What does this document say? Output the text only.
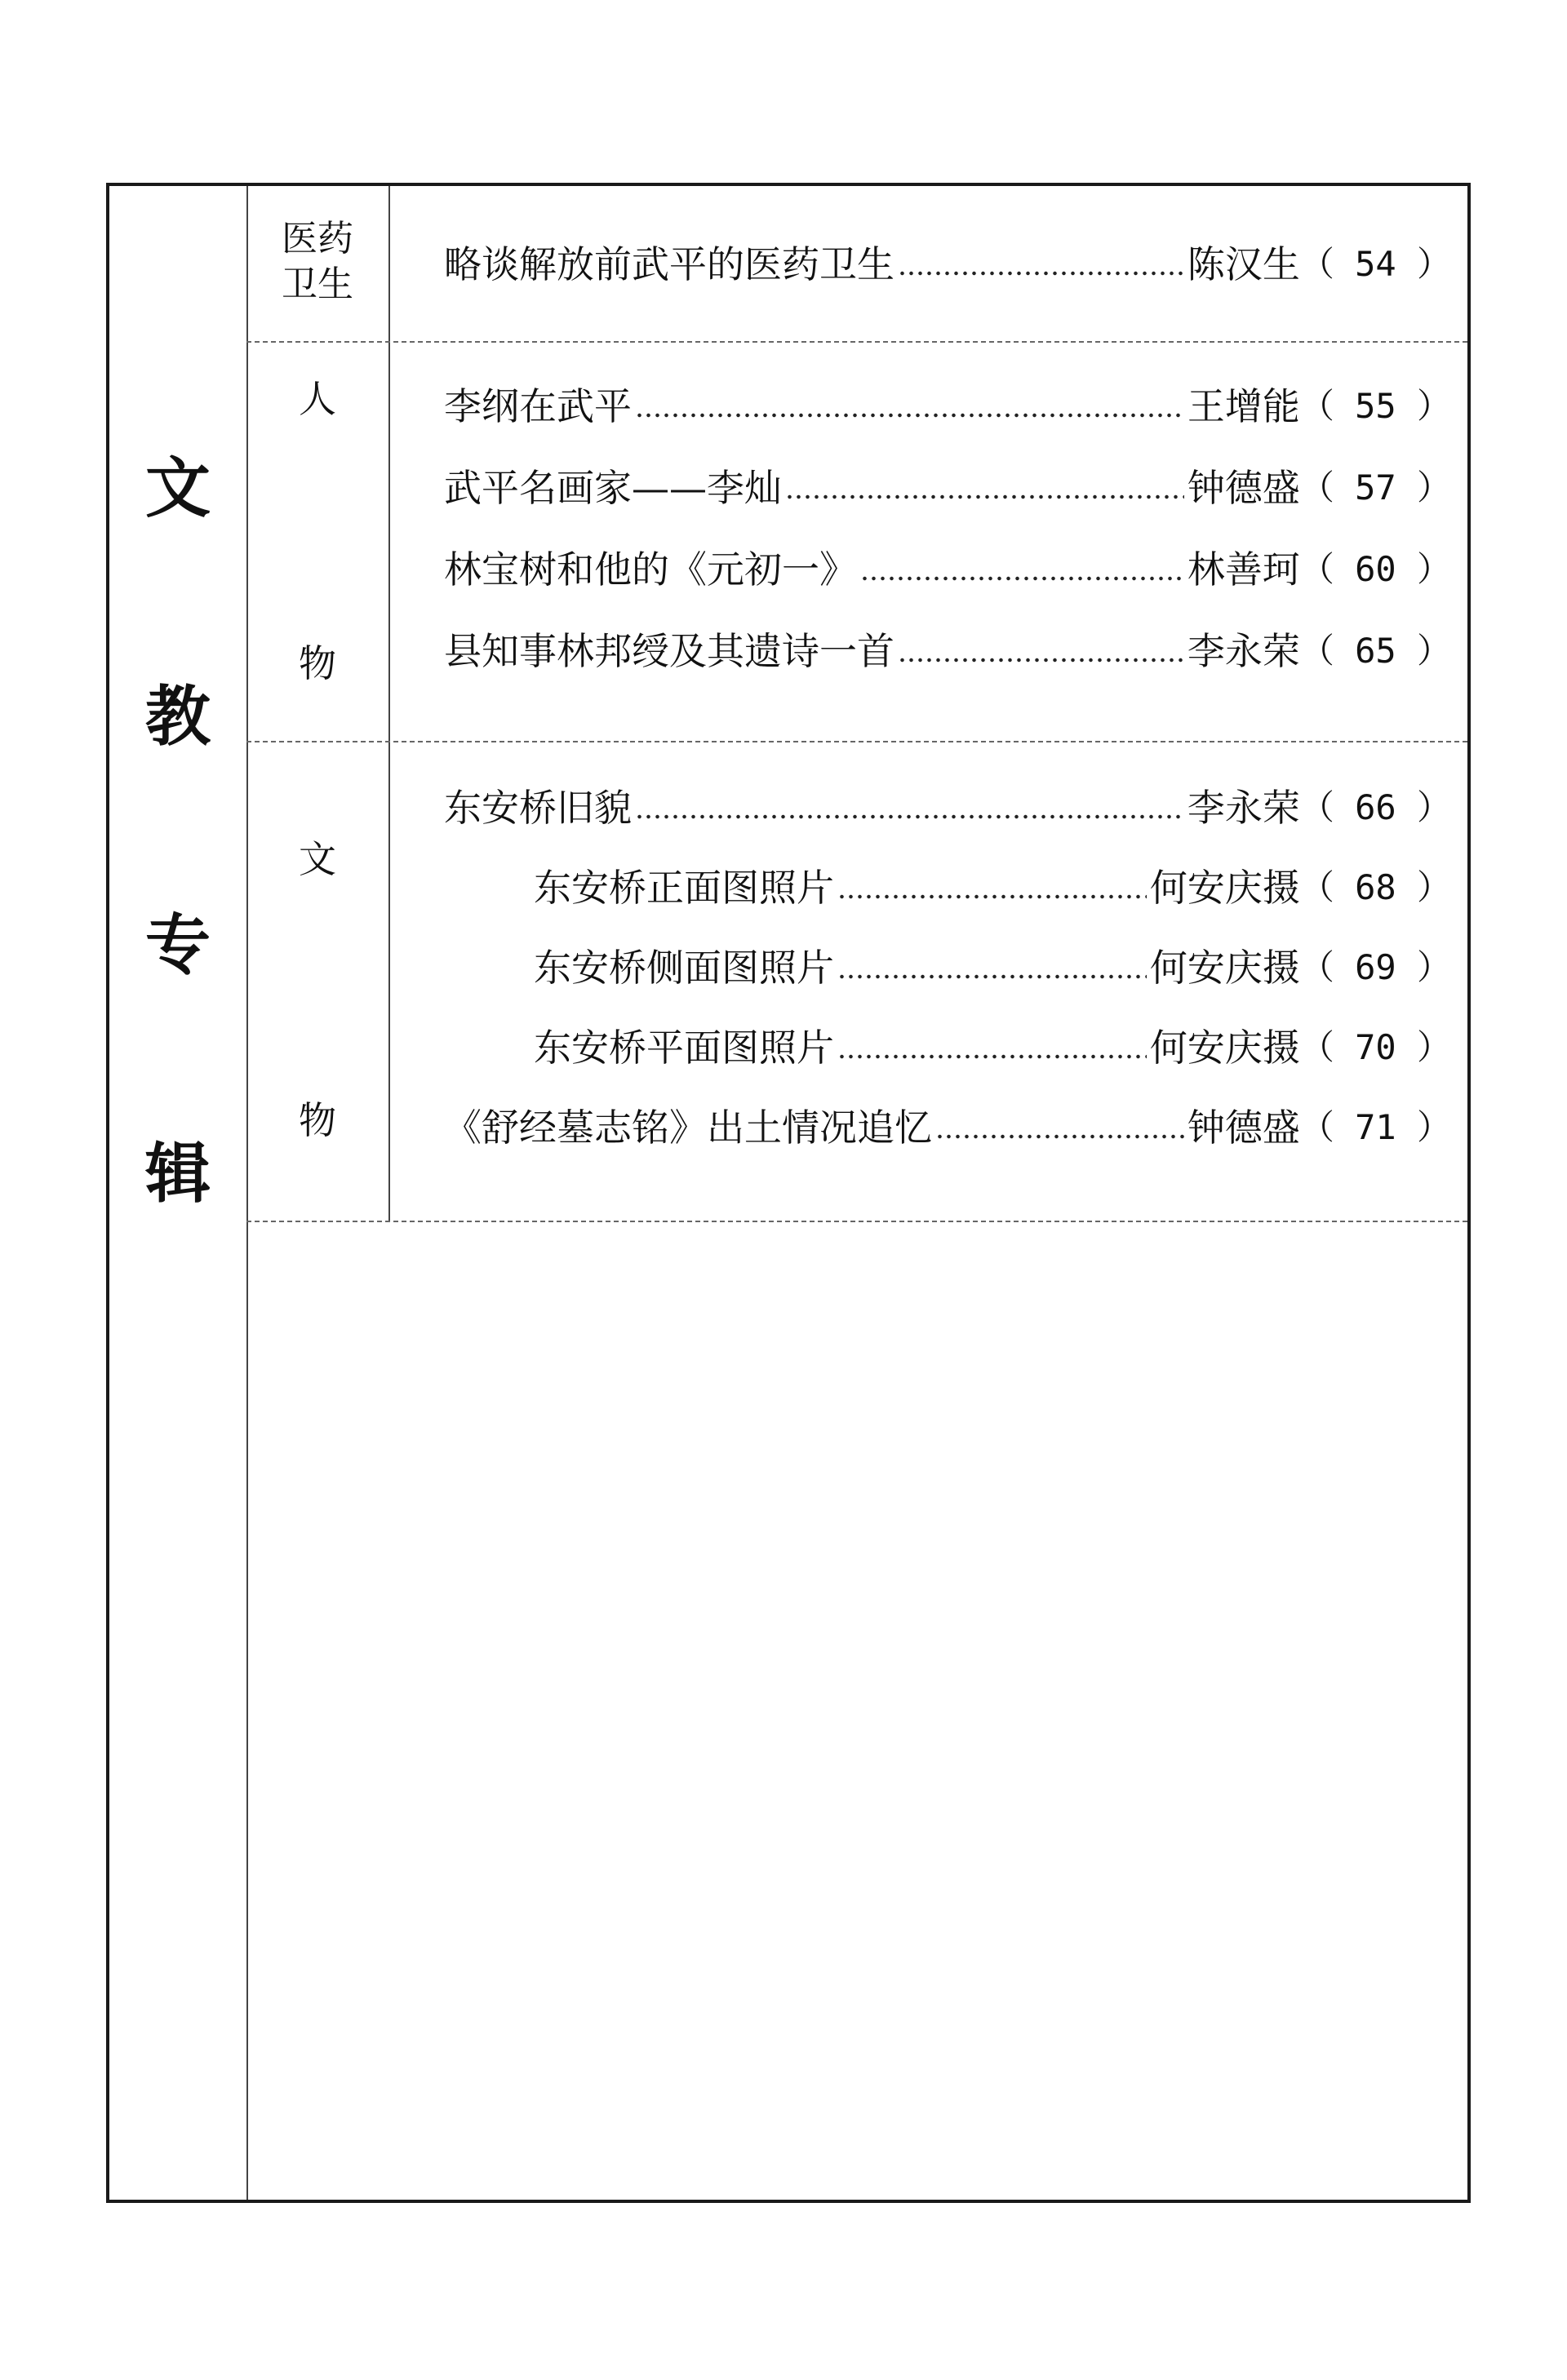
文
教
专
辑
医药
卫生	略谈解放前武平的医药卫生	陈汉生 （ 54 ）
人
物
李纲在武平	王增能 （ 55 ）
武平名画家——李灿	钟德盛 （ 57 ）
林宝树和他的《元初一》	林善珂 （ 60 ）
县知事林邦绶及其遗诗一首	李永荣 （ 65 ）
文
物
东安桥旧貌	李永荣 （ 66 ）
东安桥正面图照片	何安庆摄 （ 68 ）
东安桥侧面图照片	何安庆摄 （ 69 ）
东安桥平面图照片	何安庆摄 （ 70 ）
《舒经墓志铭》出土情况追忆	钟德盛 （ 71 ）
